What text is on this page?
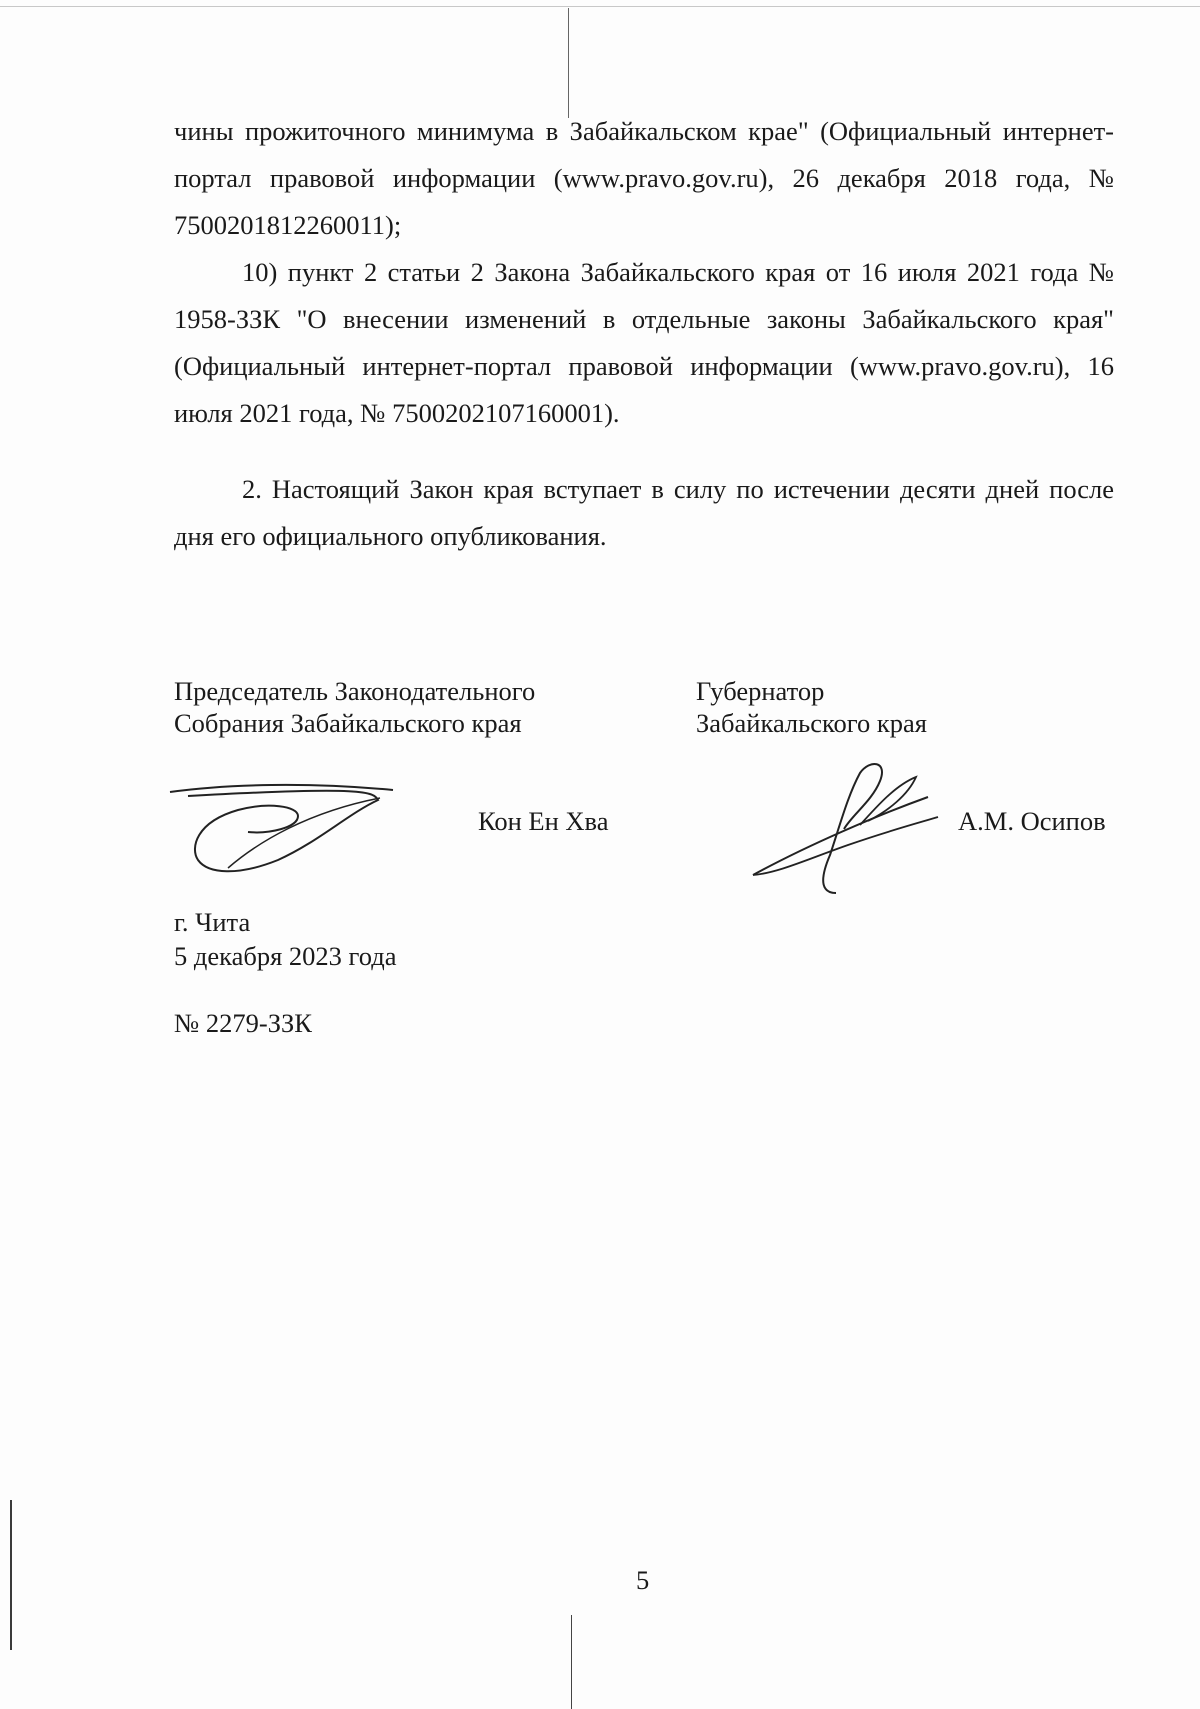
чины прожиточного минимума в Забайкальском крае" (Официальный интернет-портал правовой информации (www.pravo.gov.ru), 26 декабря 2018 года, № 7500201812260011);

10) пункт 2 статьи 2 Закона Забайкальского края от 16 июля 2021 года № 1958-ЗЗК "О внесении изменений в отдельные законы Забайкальского края" (Официальный интернет-портал правовой информации (www.pravo.gov.ru), 16 июля 2021 года, № 7500202107160001).

2. Настоящий Закон края вступает в силу по истечении десяти дней после дня его официального опубликования.

Председатель Законодательного
Собрания Забайкальского края
Губернатор
Забайкальского края
Кон Ен Хва	А.М. Осипов
г. Чита
5 декабря 2023 года
№ 2279-ЗЗК
5
